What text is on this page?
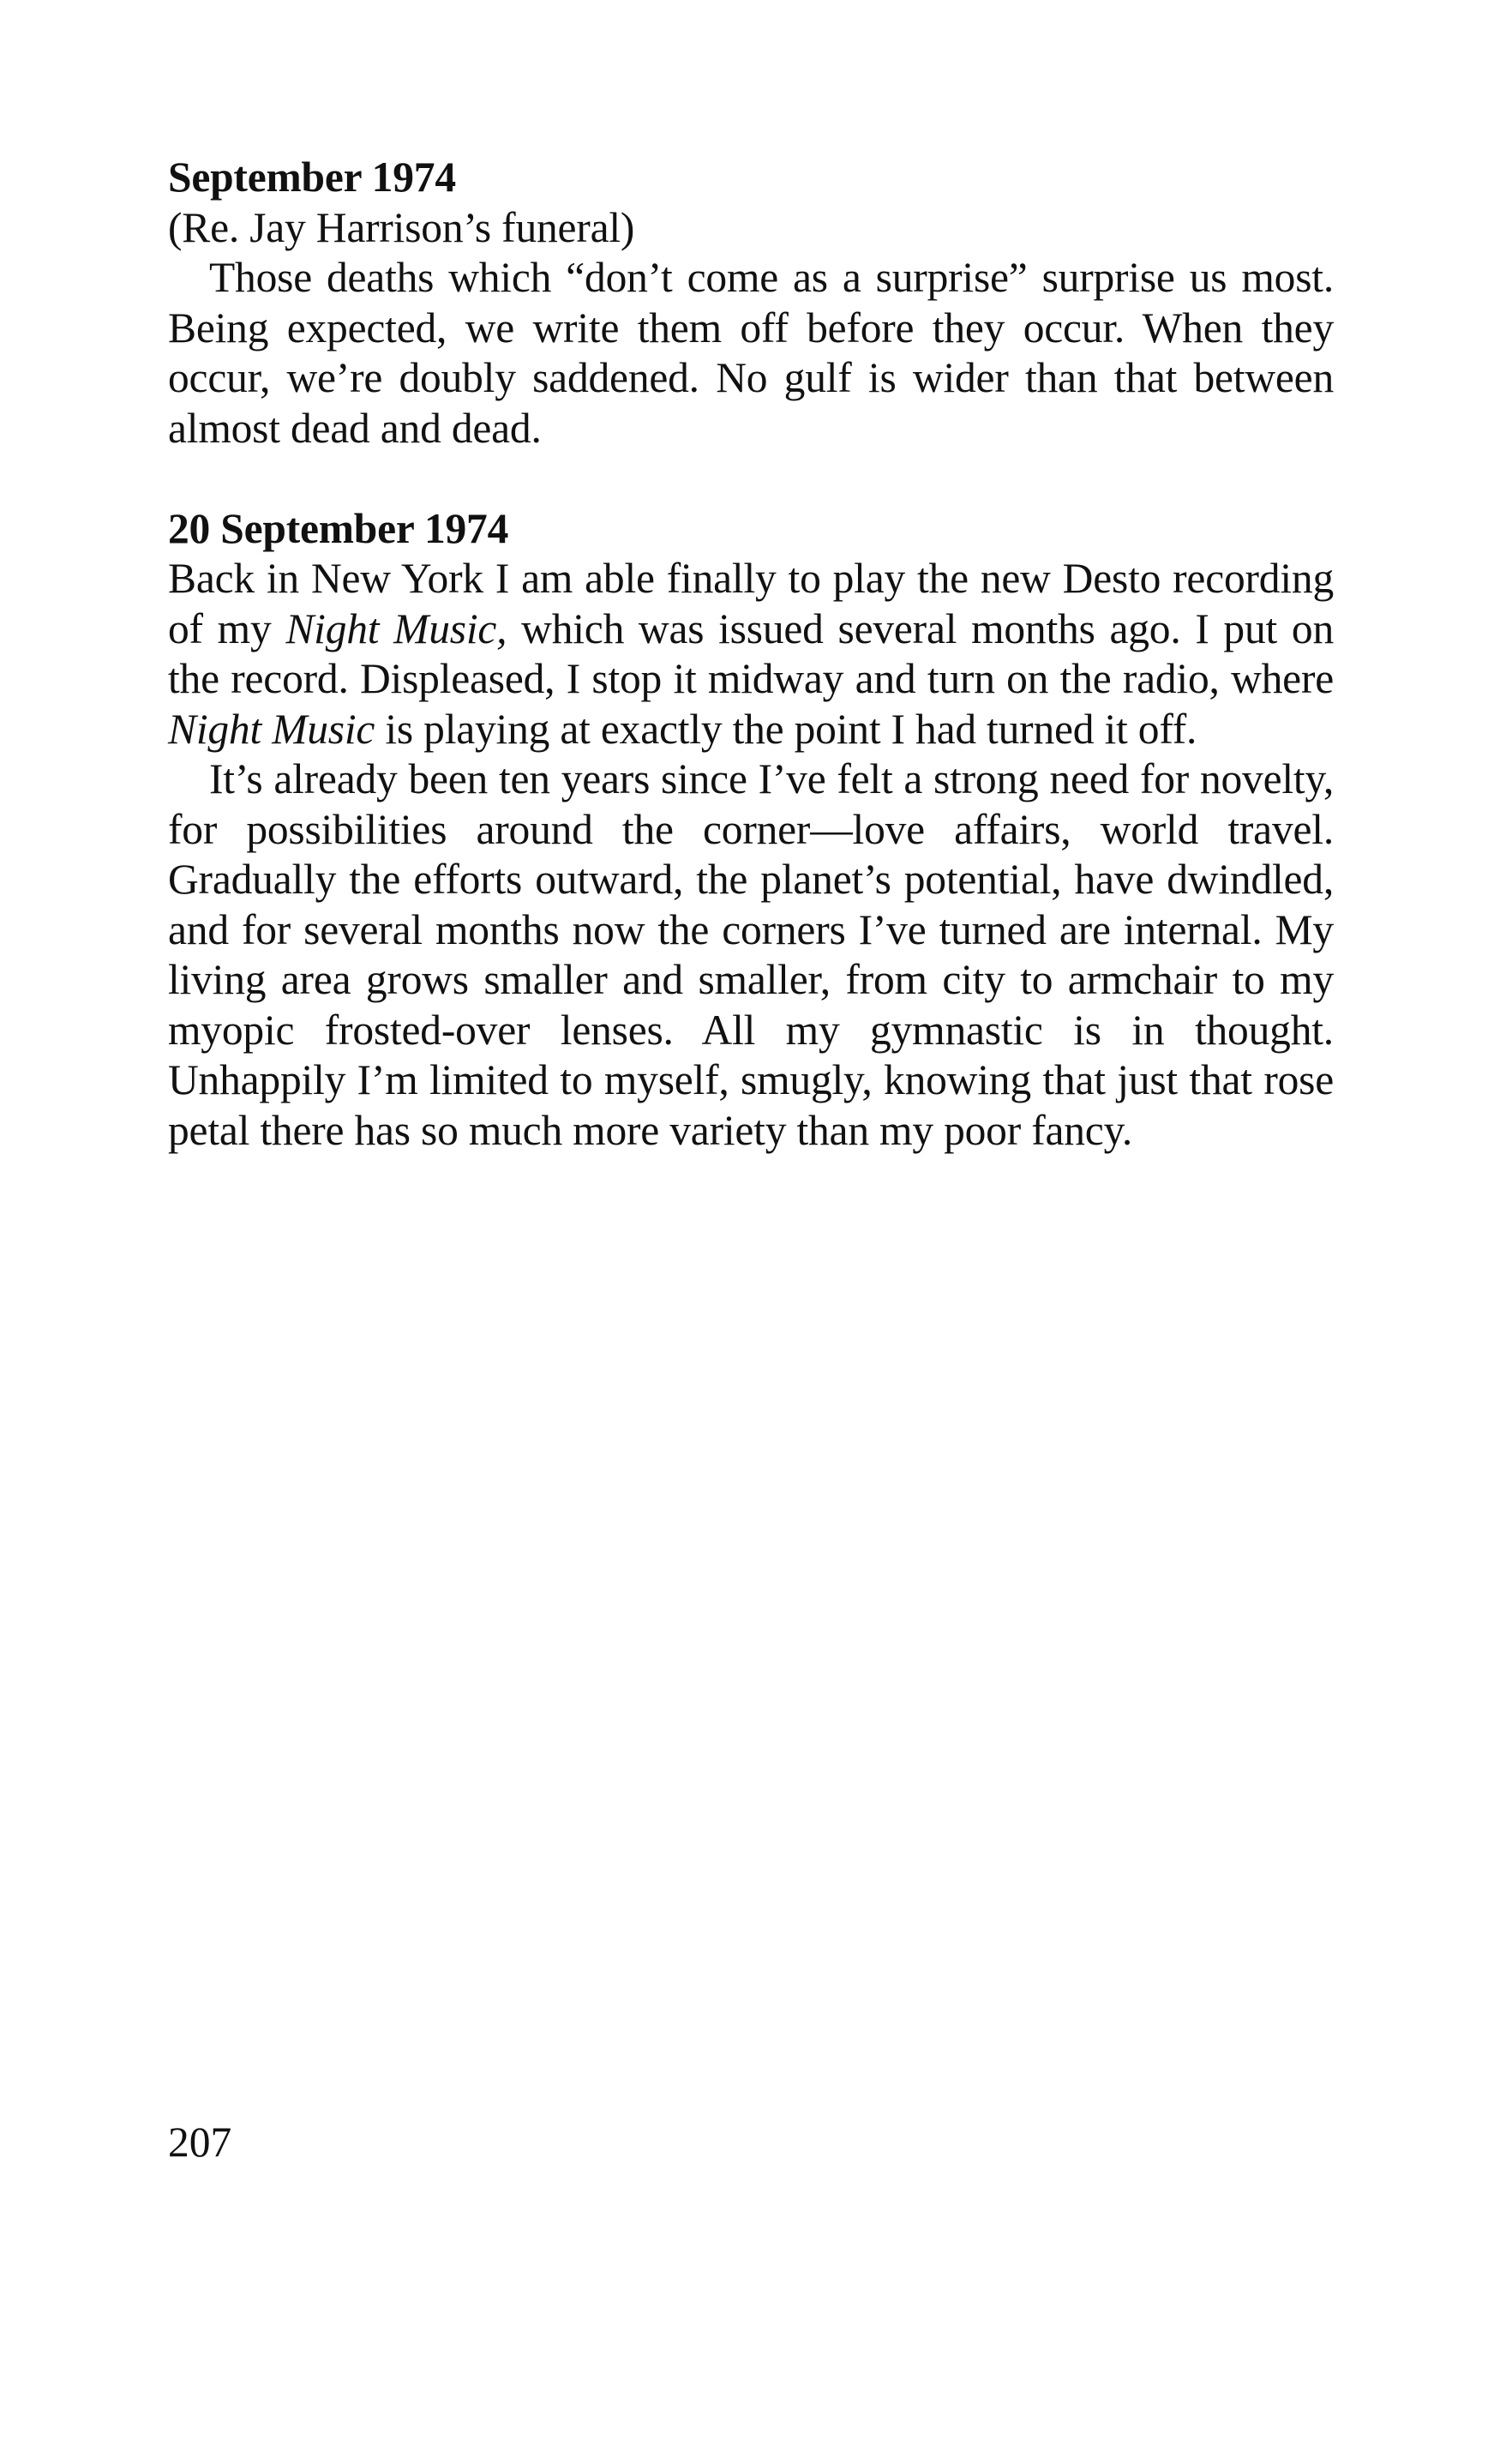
September 1974

(Re. Jay Harrison’s funeral)

Those deaths which “don’t come as a surprise” surprise us most. Being expected, we write them off before they occur. When they occur, we’re doubly saddened. No gulf is wider than that between almost dead and dead.

20 September 1974

Back in New York I am able finally to play the new Desto recording of my Night Music, which was issued several months ago. I put on the record. Displeased, I stop it midway and turn on the radio, where Night Music is playing at exactly the point I had turned it off.

It’s already been ten years since I’ve felt a strong need for novelty, for possibilities around the corner—love affairs, world travel. Gradually the efforts outward, the planet’s potential, have dwindled, and for several months now the corners I’ve turned are internal. My living area grows smaller and smaller, from city to armchair to my myopic frosted-over lenses. All my gymnastic is in thought. Unhappily I’m limited to myself, smugly, knowing that just that rose petal there has so much more variety than my poor fancy.

207
